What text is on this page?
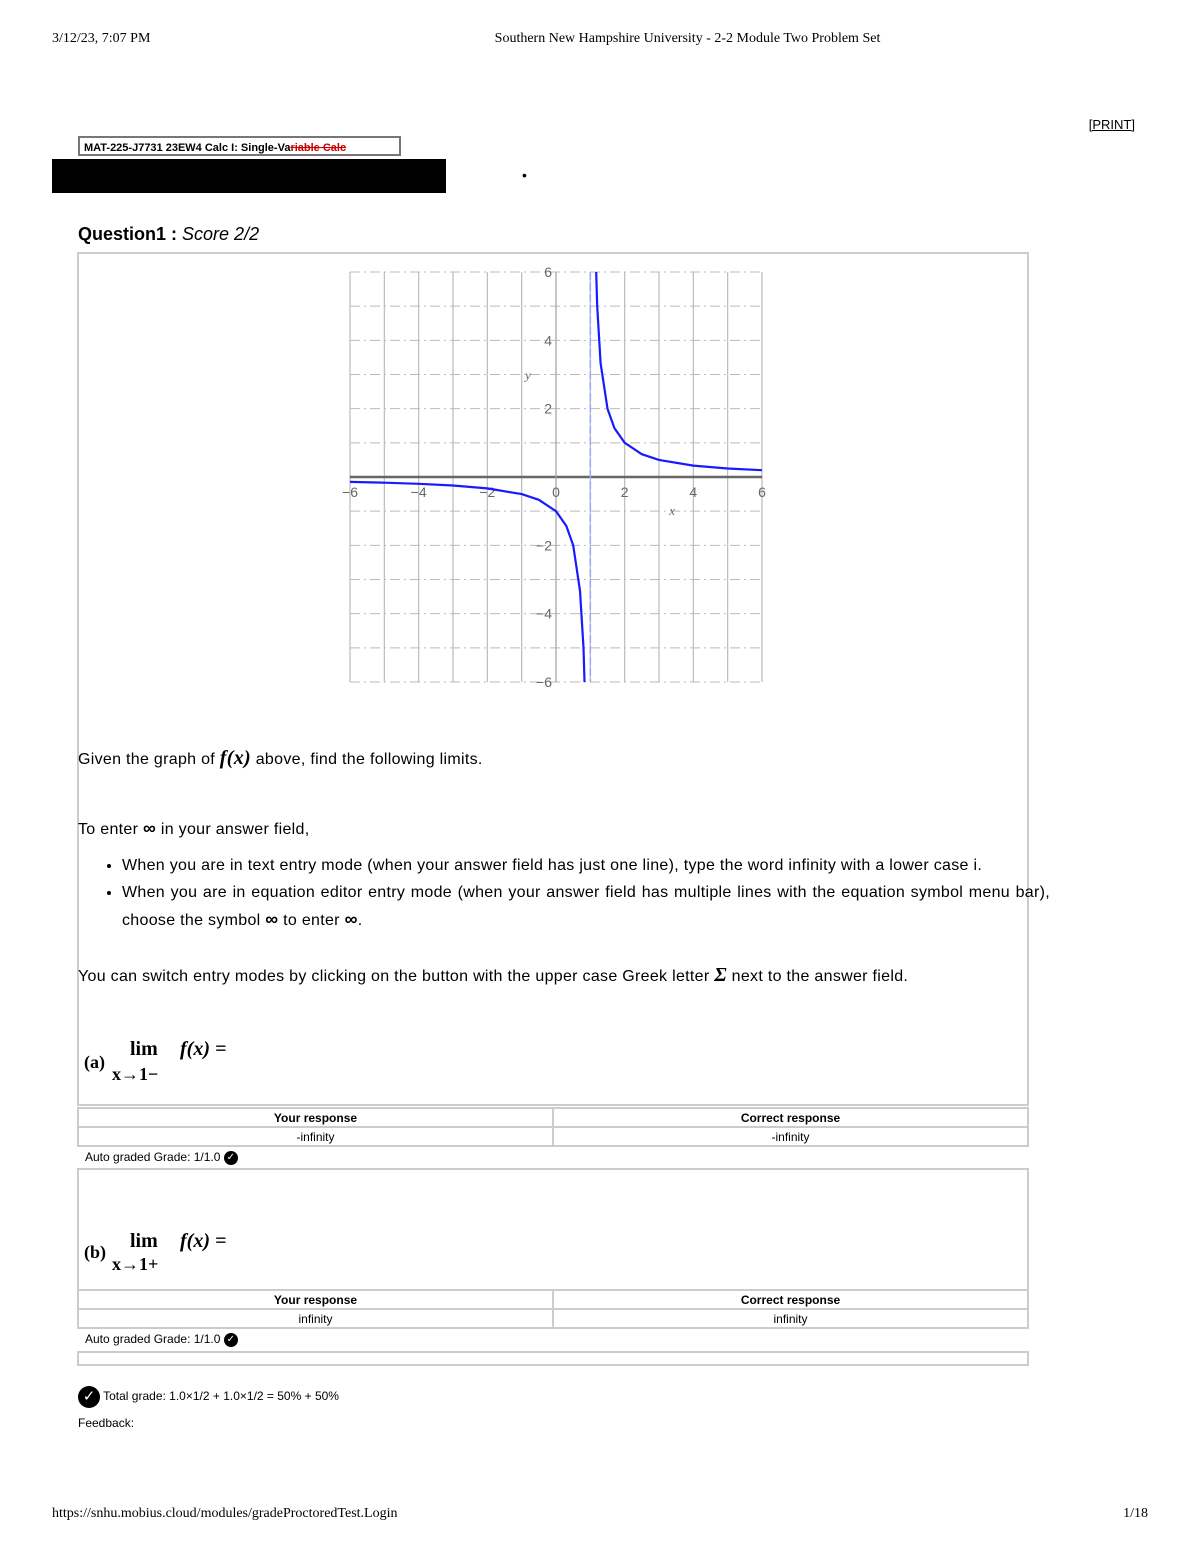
3/12/23, 7:07 PM	Southern New Hampshire University - 2-2 Module Two Problem Set
[PRINT]
MAT-225-J7731 23EW4 Calc I: Single-Variable Calc
•
Question1 : Score 2/2
−6	−4	−2	0	2	4	6
6
4
2
−2
−4
−6
x
y
Given the graph of f(x) above, find the following limits.
To enter ∞ in your answer field,
• When you are in text entry mode (when your answer field has just one line), type the word infinity with a lower case i.
• When you are in equation editor entry mode (when your answer field has multiple lines with the equation symbol menu bar), choose the symbol ∞ to enter ∞.
You can switch entry modes by clicking on the button with the upper case Greek letter Σ next to the answer field.
(a)
lim
x→1−
f(x) =
Your response	Correct response
-infinity	-infinity
Auto graded Grade: 1/1.0 ✓
(b) lim
x→1+
f(x) =
Your response	Correct response
infinity	infinity
Auto graded Grade: 1/1.0 ✓
✓ Total grade: 1.0×1/2 + 1.0×1/2 = 50% + 50%
Feedback:
https://snhu.mobius.cloud/modules/gradeProctoredTest.Login	1/18
